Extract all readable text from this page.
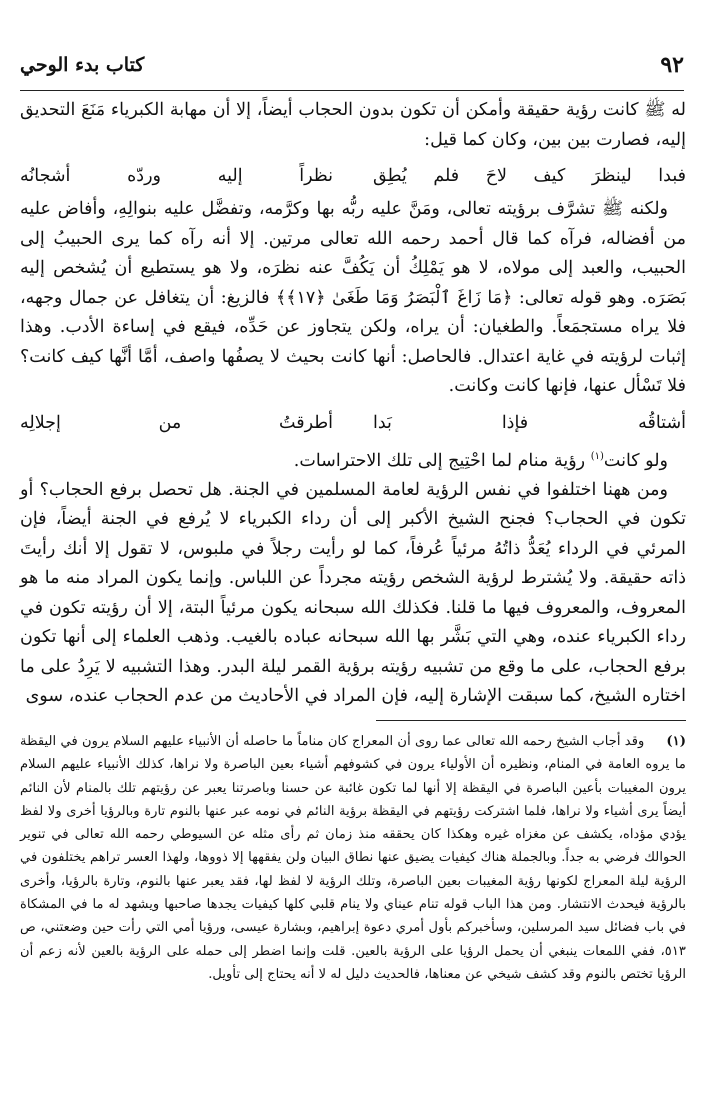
٩٢
كتاب بدء الوحي

له ﷺ كانت رؤية حقيقة وأمكن أن تكون بدون الحجاب أيضاً، إلا أن مهابة الكبرياء مَنَعَ التحديق إليه، فصارت بين بين، وكان كما قيل:

فبدا لينظرَ كيف لاحَ فلم يُطِق
نظراً إليه وردّه أشجانُه

ولكنه ﷺ تشرَّف برؤيته تعالى، ومَنَّ عليه ربُّه بها وكرَّمه، وتفضَّل عليه بنوالِهِ، وأفاض عليه من أفضاله، فرآه كما قال أحمد رحمه الله تعالى مرتين. إلا أنه رآه كما يرى الحبيبُ إلى الحبيب، والعبد إلى مولاه، لا هو يَمْلِكُ أن يَكُفَّ عنه نظرَه، ولا هو يستطيع أن يُشخص إليه بَصَرَه. وهو قوله تعالى: ﴿مَا زَاغَ ٱلْبَصَرُ وَمَا طَغَىٰ ﴿١٧﴾﴾ فالزيغ: أن يتغافل عن جمال وجهه، فلا يراه مستجمَعاً. والطغيان: أن يراه، ولكن يتجاوز عن حَدِّه، فيقع في إساءة الأدب. وهذا إثبات لرؤيته في غاية اعتدال. فالحاصل: أنها كانت بحيث لا يصفُها واصف، أمَّا أنَّها كيف كانت؟ فلا تَسْأل عنها، فإنها كانت وكانت.

أشتاقُه فإذا بَدا
أطرقتُ من إجلالِه

ولو كانت$^{(١)}$ رؤية منام لما احْتِيج إلى تلك الاحتراسات.

ومن ههنا اختلفوا في نفس الرؤية لعامة المسلمين في الجنة. هل تحصل برفع الحجاب؟ أو تكون في الحجاب؟ فجنح الشيخ الأكبر إلى أن رداء الكبرياء لا يُرفع في الجنة أيضاً، فإن المرئي في الرداء يُعَدُّ ذاتُهُ مرئياً عُرفاً، كما لو رأيت رجلاً في ملبوس، لا تقول إلا أنك رأيتَ ذاته حقيقة. ولا يُشترط لرؤية الشخص رؤيته مجرداً عن اللباس. وإنما يكون المراد منه ما هو المعروف، والمعروف فيها ما قلنا. فكذلك الله سبحانه يكون مرئياً البتة، إلا أن رؤيته تكون في رداء الكبرياء عنده، وهي التي بَشَّر بها الله سبحانه عباده بالغيب. وذهب العلماء إلى أنها تكون برفع الحجاب، على ما وقع من تشبيه رؤيته برؤية القمر ليلة البدر. وهذا التشبيه لا يَرِدُ على ما اختاره الشيخ، كما سبقت الإشارة إليه، فإن المراد في الأحاديث من عدم الحجاب عنده، سوى

(١)وقد أجاب الشيخ رحمه الله تعالى عما روى أن المعراج كان مناماً ما حاصله أن الأنبياء عليهم السلام يرون في اليقظة ما يروه العامة في المنام، ونظيره أن الأولياء يرون في كشوفهم أشياء بعين الباصرة ولا نراها، كذلك الأنبياء عليهم السلام يرون المغيبات بأعين الباصرة في اليقظة إلا أنها لما تكون غائبة عن حسنا وباصرتنا يعبر عن رؤيتهم تلك بالمنام لأن النائم أيضاً يرى أشياء ولا نراها، فلما اشتركت رؤيتهم في اليقظة برؤية النائم في نومه عبر عنها بالنوم تارة وبالرؤيا أخرى ولا لفظ يؤدي مؤداه، يكشف عن مغزاه غيره وهكذا كان يحققه منذ زمان ثم رأى مثله عن السيوطي رحمه الله تعالى في تنوير الحوالك فرضي به جداً. وبالجملة هناك كيفيات يضيق عنها نطاق البيان ولن يفقهها إلا ذووها، ولهذا العسر تراهم يختلفون في الرؤية ليلة المعراج لكونها رؤية المغيبات بعين الباصرة، وتلك الرؤية لا لفظ لها، فقد يعبر عنها بالنوم، وتارة بالرؤيا، وأخرى بالرؤية فيحدث الانتشار. ومن هذا الباب قوله تنام عيناي ولا ينام قلبي كلها كيفيات يجدها صاحبها ويشهد له ما في المشكاة في باب فضائل سيد المرسلين، وسأخبركم بأول أمري دعوة إبراهيم، وبشارة عيسى، ورؤيا أمي التي رأت حين وضعتني، ص ٥١٣، ففي اللمعات ينبغي أن يحمل الرؤيا على الرؤية بالعين. قلت وإنما اضطر إلى حمله على الرؤية بالعين لأنه زعم أن الرؤيا تختص بالنوم وقد كشف شيخي عن معناها، فالحديث دليل له لا أنه يحتاج إلى تأويل.
